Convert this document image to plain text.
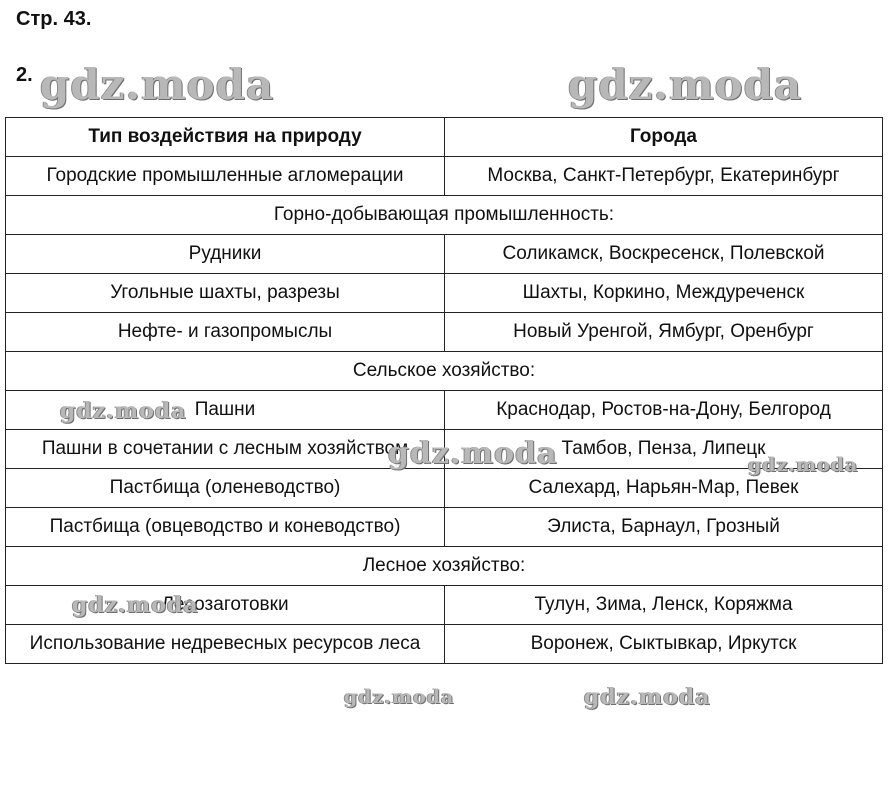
Стр. 43.
2.
Тип воздействия на природу	Города
Городские промышленные агломерации	Москва, Санкт-Петербург, Екатеринбург
Горно-добывающая промышленность:	
Рудники	Соликамск, Воскресенск, Полевской
Угольные шахты, разрезы	Шахты, Коркино, Междуреченск
Нефте- и газопромыслы	Новый Уренгой, Ямбург, Оренбург
Сельское хозяйство:	
Пашни	Краснодар, Ростов-на-Дону, Белгород
Пашни в сочетании с лесным хозяйством	Тамбов, Пенза, Липецк
Пастбища (оленеводство)	Салехард, Нарьян-Мар, Певек
Пастбища (овцеводство и коневодство)	Элиста, Барнаул, Грозный
Лесное хозяйство:	
Лесозаготовки	Тулун, Зима, Ленск, Коряжма
Использование недревесных ресурсов леса	Воронеж, Сыктывкар, Иркутск
gdz.moda	gdz.moda
gdz.moda
gdz.moda	gdz.moda
gdz.moda
gdz.moda	gdz.moda
